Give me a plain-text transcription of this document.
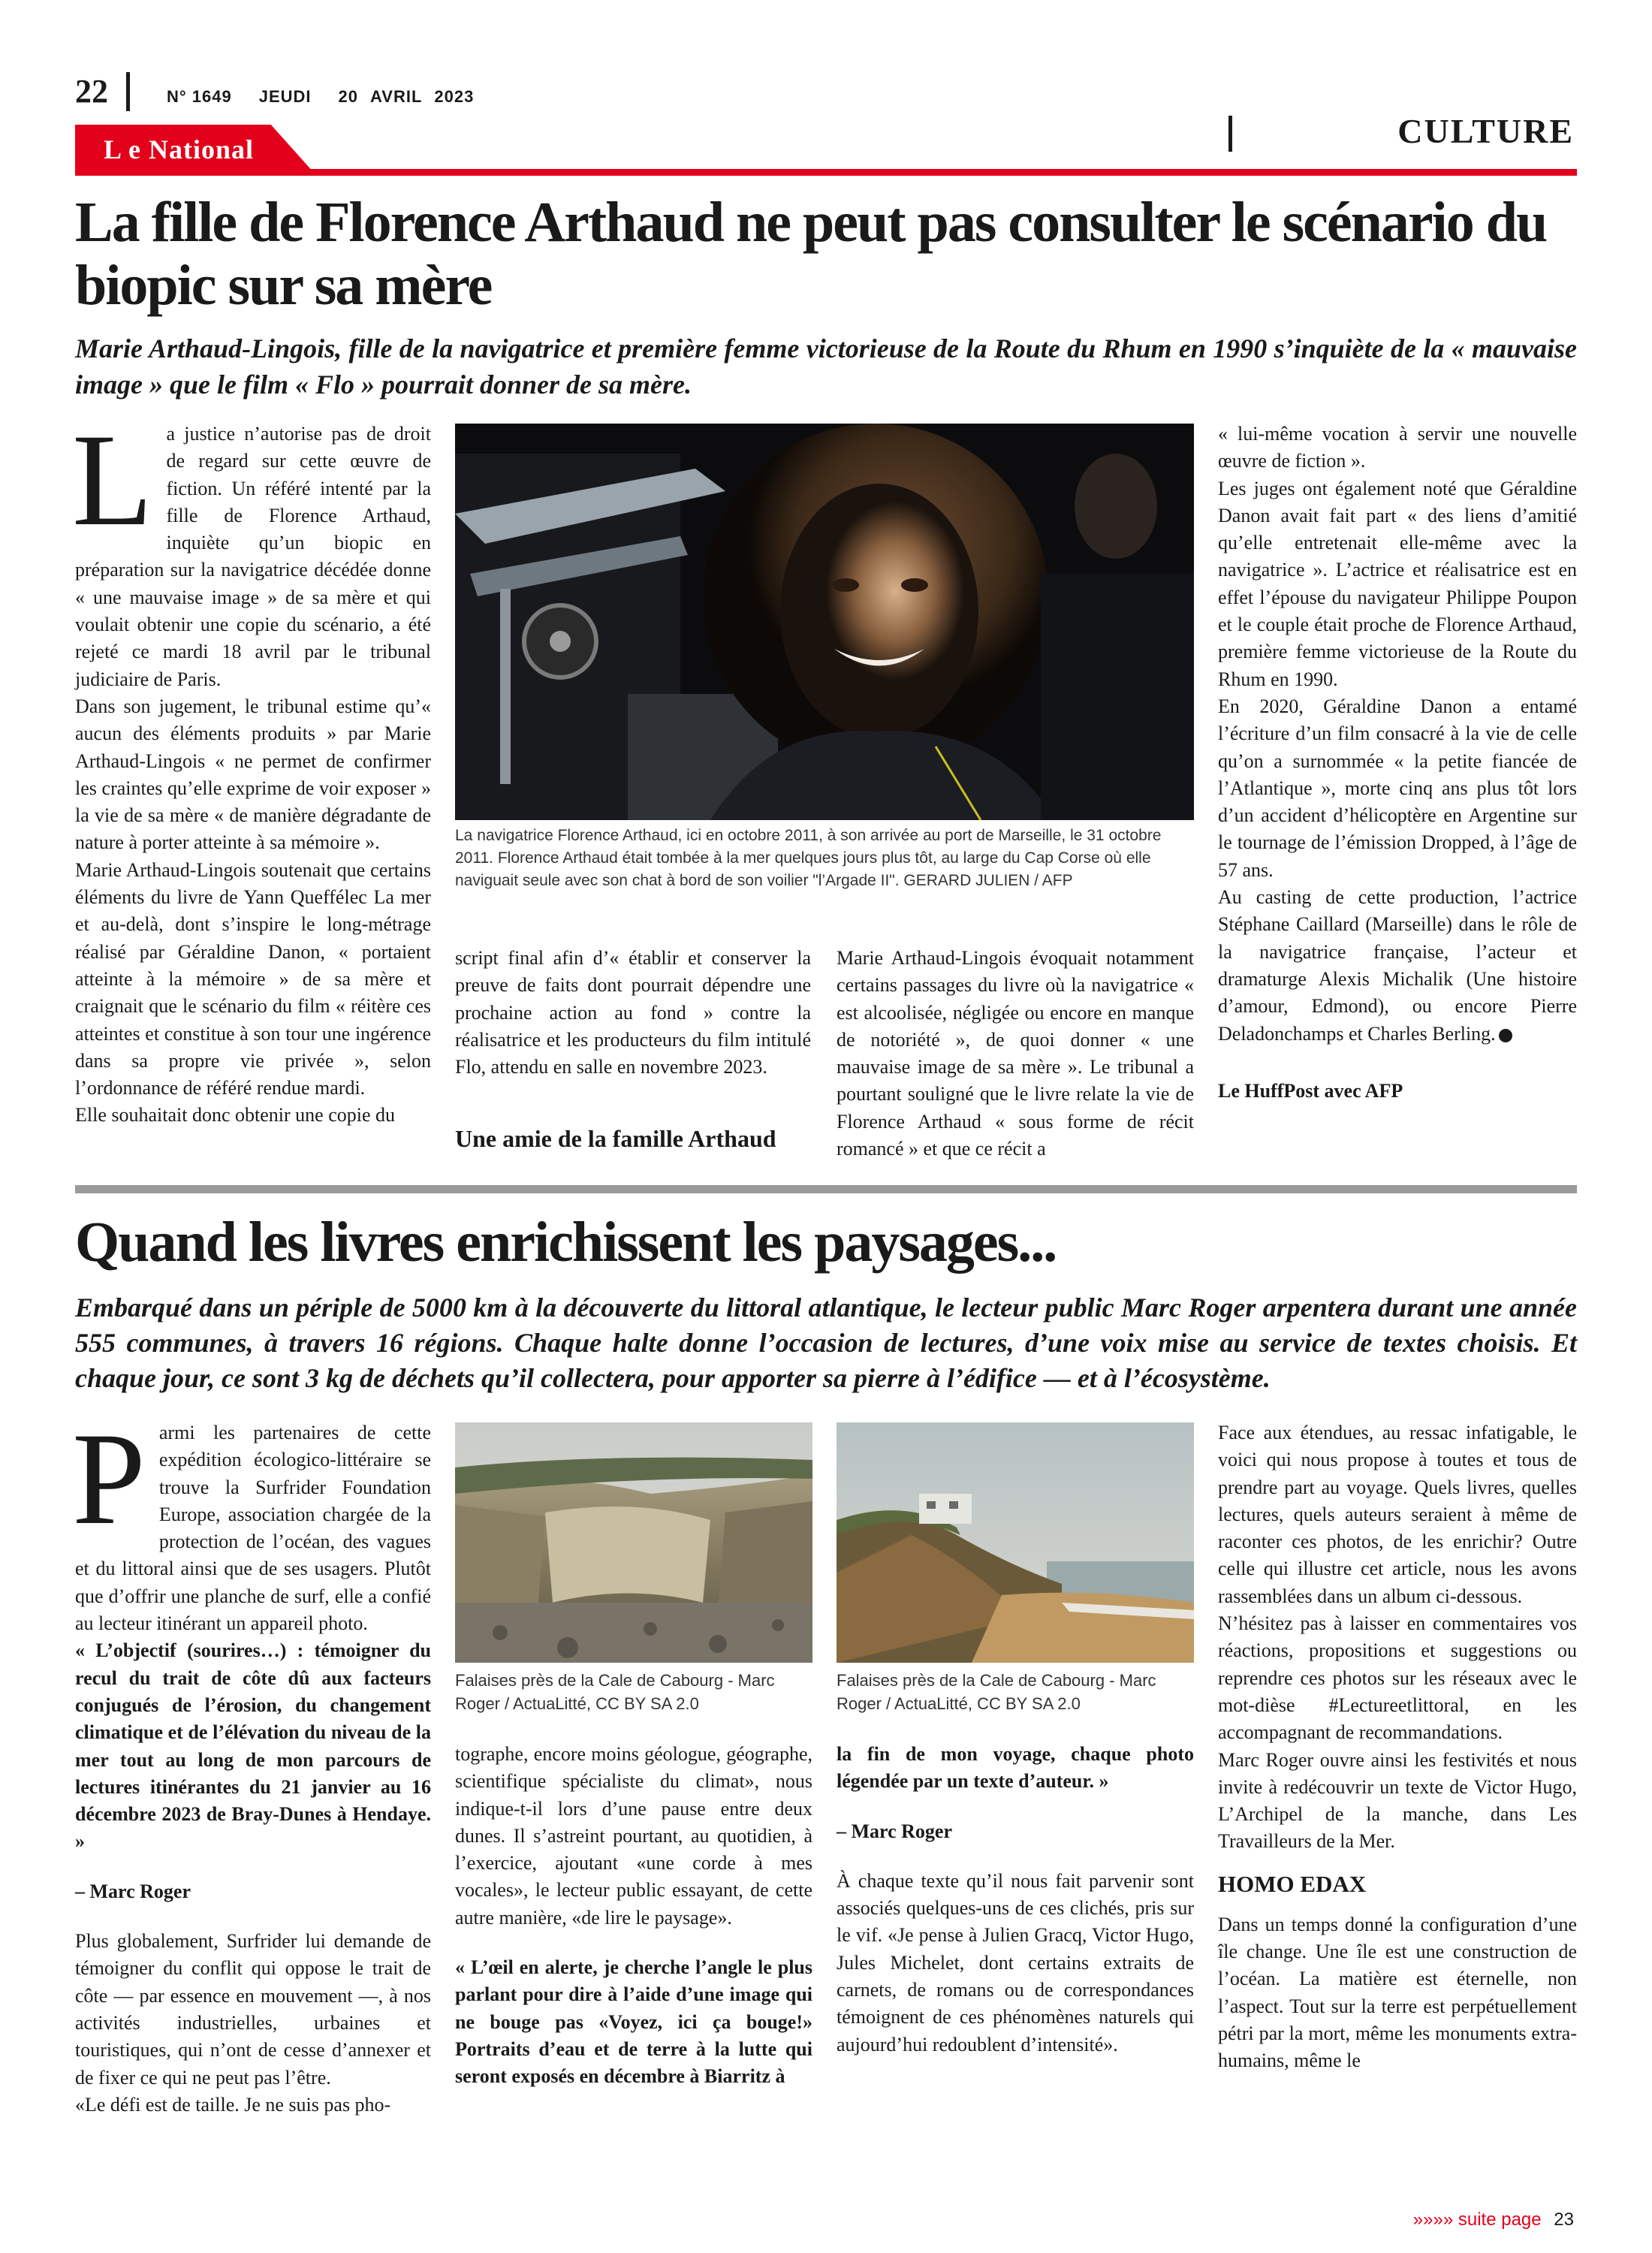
22	N° 1649 JEUDI 20 AVRIL 2023
CULTURE
L e National
La fille de Florence Arthaud ne peut pas consulter le scénario du biopic sur sa mère
Marie Arthaud-Lingois, fille de la navigatrice et première femme victorieuse de la Route du Rhum en 1990 s’inquiète de la « mauvaise image » que le film « Flo » pourrait donner de sa mère.

La justice n’autorise pas de droit de regard sur cette œuvre de fiction. Un référé intenté par la fille de Florence Arthaud, inquiète qu’un biopic en préparation sur la navigatrice décédée donne « une mauvaise image » de sa mère et qui voulait obtenir une copie du scénario, a été rejeté ce mardi 18 avril par le tribunal judiciaire de Paris.

Dans son jugement, le tribunal estime qu’« aucun des éléments produits » par Marie Arthaud-Lingois « ne permet de confirmer les craintes qu’elle exprime de voir exposer » la vie de sa mère « de manière dégradante de nature à porter atteinte à sa mémoire ».

Marie Arthaud-Lingois soutenait que certains éléments du livre de Yann Queffélec La mer et au-delà, dont s’inspire le long-métrage réalisé par Géraldine Danon, « portaient atteinte à la mémoire » de sa mère et craignait que le scénario du film « réitère ces atteintes et constitue à son tour une ingérence dans sa propre vie privée », selon l’ordonnance de référé rendue mardi.

Elle souhaitait donc obtenir une copie du

La navigatrice Florence Arthaud, ici en octobre 2011, à son arrivée au port de Marseille, le 31 octobre 2011. Florence Arthaud était tombée à la mer quelques jours plus tôt, au large du Cap Corse où elle naviguait seule avec son chat à bord de son voilier "l’Argade II". GERARD JULIEN / AFP

script final afin d’« établir et conserver la preuve de faits dont pourrait dépendre une prochaine action au fond » contre la réalisatrice et les producteurs du film intitulé Flo, attendu en salle en novembre 2023.

Une amie de la famille Arthaud

Marie Arthaud-Lingois évoquait notamment certains passages du livre où la navigatrice « est alcoolisée, négligée ou encore en manque de notoriété », de quoi donner « une mauvaise image de sa mère ». Le tribunal a pourtant souligné que le livre relate la vie de Florence Arthaud « sous forme de récit romancé » et que ce récit a

« lui-même vocation à servir une nouvelle œuvre de fiction ».

Les juges ont également noté que Géraldine Danon avait fait part « des liens d’amitié qu’elle entretenait elle-même avec la navigatrice ». L’actrice et réalisatrice est en effet l’épouse du navigateur Philippe Poupon et le couple était proche de Florence Arthaud, première femme victorieuse de la Route du Rhum en 1990.

En 2020, Géraldine Danon a entamé l’écriture d’un film consacré à la vie de celle qu’on a surnommée « la petite fiancée de l’Atlantique », morte cinq ans plus tôt lors d’un accident d’hélicoptère en Argentine sur le tournage de l’émission Dropped, à l’âge de 57 ans.

Au casting de cette production, l’actrice Stéphane Caillard (Marseille) dans le rôle de la navigatrice française, l’acteur et dramaturge Alexis Michalik (Une histoire d’amour, Edmond), ou encore Pierre Deladonchamps et Charles Berling.

Le HuffPost avec AFP
Quand les livres enrichissent les paysages...
Embarqué dans un périple de 5000 km à la découverte du littoral atlantique, le lecteur public Marc Roger arpentera durant une année 555 communes, à travers 16 régions. Chaque halte donne l’occasion de lectures, d’une voix mise au service de textes choisis. Et chaque jour, ce sont 3 kg de déchets qu’il collectera, pour apporter sa pierre à l’édifice — et à l’écosystème.

Parmi les partenaires de cette expédition écologico-littéraire se trouve la Surfrider Foundation Europe, association chargée de la protection de l’océan, des vagues et du littoral ainsi que de ses usagers. Plutôt que d’offrir une planche de surf, elle a confié au lecteur itinérant un appareil photo.

« L’objectif (sourires…) : témoigner du recul du trait de côte dû aux facteurs conjugués de l’érosion, du changement climatique et de l’élévation du niveau de la mer tout au long de mon parcours de lectures itinérantes du 21 janvier au 16 décembre 2023 de Bray-Dunes à Hendaye. »

– Marc Roger

Plus globalement, Surfrider lui demande de témoigner du conflit qui oppose le trait de côte — par essence en mouvement —, à nos activités industrielles, urbaines et touristiques, qui n’ont de cesse d’annexer et de fixer ce qui ne peut pas l’être.

«Le défi est de taille. Je ne suis pas pho-

Falaises près de la Cale de Cabourg - Marc Roger / ActuaLitté, CC BY SA 2.0
Falaises près de la Cale de Cabourg - Marc Roger / ActuaLitté, CC BY SA 2.0

tographe, encore moins géologue, géographe, scientifique spécialiste du climat», nous indique-t-il lors d’une pause entre deux dunes. Il s’astreint pourtant, au quotidien, à l’exercice, ajoutant «une corde à mes vocales», le lecteur public essayant, de cette autre manière, «de lire le paysage».

« L’œil en alerte, je cherche l’angle le plus parlant pour dire à l’aide d’une image qui ne bouge pas «Voyez, ici ça bouge!» Portraits d’eau et de terre à la lutte qui seront exposés en décembre à Biarritz à

la fin de mon voyage, chaque photo légendée par un texte d’auteur. »

– Marc Roger

À chaque texte qu’il nous fait parvenir sont associés quelques-uns de ces clichés, pris sur le vif. «Je pense à Julien Gracq, Victor Hugo, Jules Michelet, dont certains extraits de carnets, de romans ou de correspondances témoignent de ces phénomènes naturels qui aujourd’hui redoublent d’intensité».

Face aux étendues, au ressac infatigable, le voici qui nous propose à toutes et tous de prendre part au voyage. Quels livres, quelles lectures, quels auteurs seraient à même de raconter ces photos, de les enrichir? Outre celle qui illustre cet article, nous les avons rassemblées dans un album ci-dessous.

N’hésitez pas à laisser en commentaires vos réactions, propositions et suggestions ou reprendre ces photos sur les réseaux avec le mot-dièse #Lectureetlittoral, en les accompagnant de recommandations.

Marc Roger ouvre ainsi les festivités et nous invite à redécouvrir un texte de Victor Hugo, L’Archipel de la manche, dans Les Travailleurs de la Mer.

HOMO EDAX

Dans un temps donné la configuration d’une île change. Une île est une construction de l’océan. La matière est éternelle, non l’aspect. Tout sur la terre est perpétuellement pétri par la mort, même les monuments extra-humains, même le

»»»» suite page 23
